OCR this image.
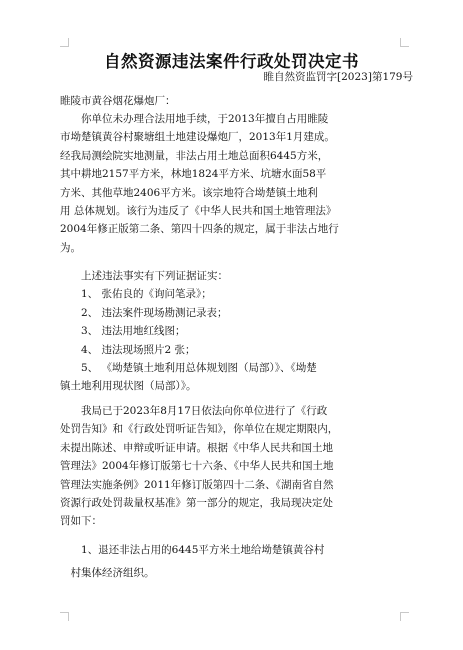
自然资源违法案件行政处罚决定书
睢自然资监罚字[2023]第179号
睢陵市黄谷烟花爆炮厂：
　　你单位未办理合法用地手续，于2013年擅自占用睢陵
市坳楚镇黄谷村聚塘组土地建设爆炮厂，2013年1月建成。
经我局测绘院实地测量，非法占用土地总面积6445方米，
其中耕地2157平方米，林地1824平方米、坑塘水面58平
方米、其他草地2406平方米。该宗地符合坳楚镇土地利
用 总体规划。该行为违反了《中华人民共和国土地管理法》
2004年修正版第二条、第四十四条的规定，属于非法占地行
为。
　　上述违法事实有下列证据证实：
　　1、 张佑良的《询问笔录》；
　　2、 违法案件现场勘测记录表；
　　3、 违法用地红线图；
　　4、 违法现场照片2 张；
　　5、 《坳楚镇土地利用总体规划图（局部）》、《坳楚
镇土地利用现状图（局部）》。
　　我局已于2023年8月17日依法向你单位进行了《行政
处罚告知》和《行政处罚听证告知》，你单位在规定期限内，
未提出陈述、申辩或听证申请。根据《中华人民共和国土地
管理法》2004年修订版第七十六条、《中华人民共和国土地
管理法实施条例》2011年修订版第四十二条、《湖南省自然
资源行政处罚裁量权基准》第一部分的规定，我局现决定处
罚如下：
　　1、退还非法占用的6445平方米土地给坳楚镇黄谷村
　村集体经济组织。
